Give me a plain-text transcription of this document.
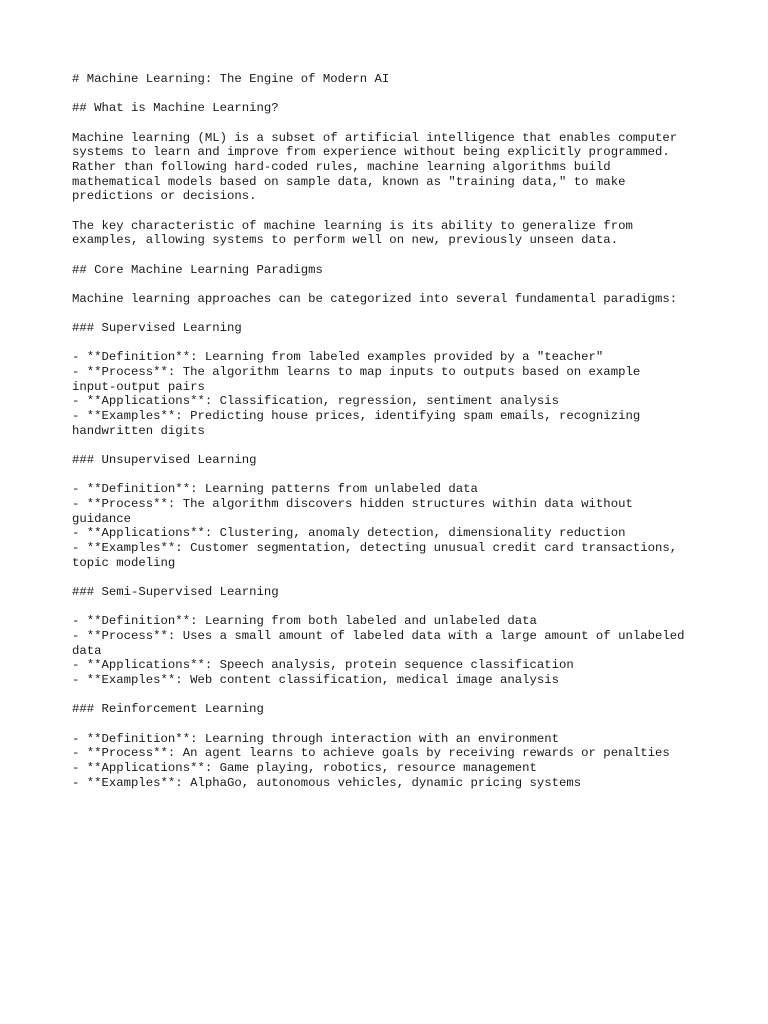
# Machine Learning: The Engine of Modern AI
## What is Machine Learning?
Machine learning (ML) is a subset of artificial intelligence that enables computer
systems to learn and improve from experience without being explicitly programmed.
Rather than following hard-coded rules, machine learning algorithms build
mathematical models based on sample data, known as "training data," to make
predictions or decisions.
The key characteristic of machine learning is its ability to generalize from
examples, allowing systems to perform well on new, previously unseen data.
## Core Machine Learning Paradigms
Machine learning approaches can be categorized into several fundamental paradigms:
### Supervised Learning
- **Definition**: Learning from labeled examples provided by a "teacher"
- **Process**: The algorithm learns to map inputs to outputs based on example
input-output pairs
- **Applications**: Classification, regression, sentiment analysis
- **Examples**: Predicting house prices, identifying spam emails, recognizing
handwritten digits
### Unsupervised Learning
- **Definition**: Learning patterns from unlabeled data
- **Process**: The algorithm discovers hidden structures within data without
guidance
- **Applications**: Clustering, anomaly detection, dimensionality reduction
- **Examples**: Customer segmentation, detecting unusual credit card transactions,
topic modeling
### Semi-Supervised Learning
- **Definition**: Learning from both labeled and unlabeled data
- **Process**: Uses a small amount of labeled data with a large amount of unlabeled
data
- **Applications**: Speech analysis, protein sequence classification
- **Examples**: Web content classification, medical image analysis
### Reinforcement Learning
- **Definition**: Learning through interaction with an environment
- **Process**: An agent learns to achieve goals by receiving rewards or penalties
- **Applications**: Game playing, robotics, resource management
- **Examples**: AlphaGo, autonomous vehicles, dynamic pricing systems
